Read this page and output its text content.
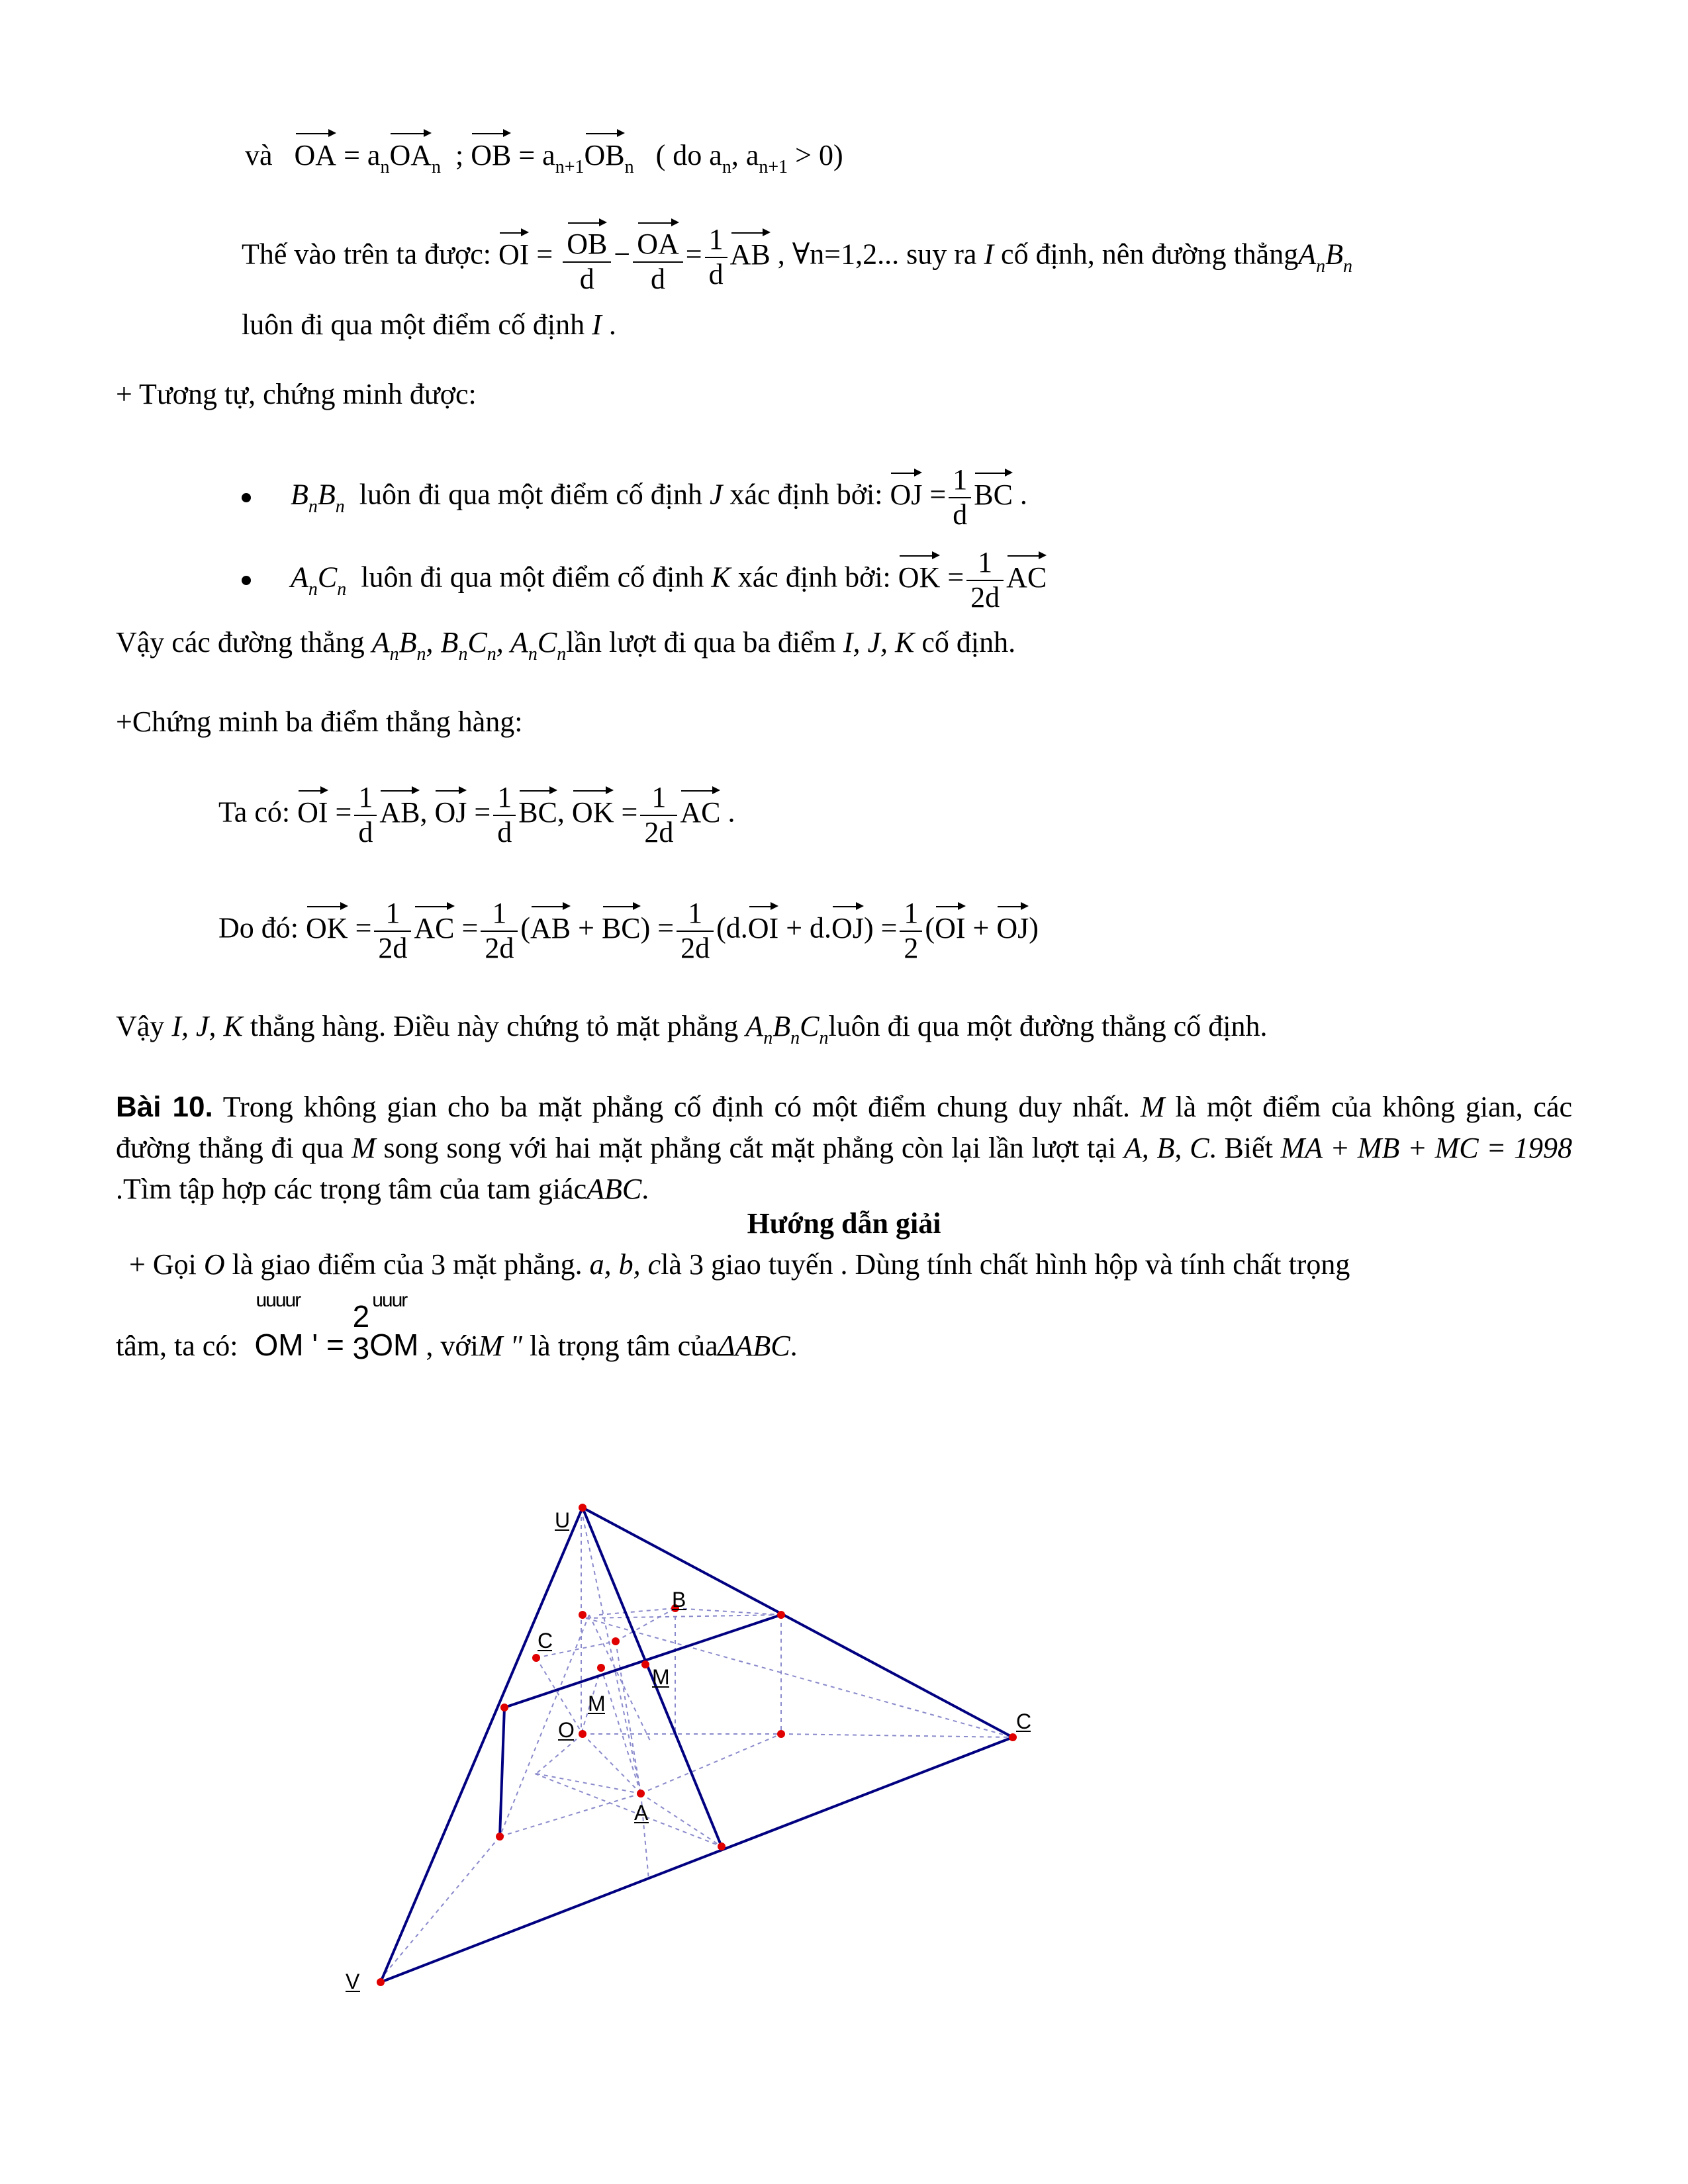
và OA = $a_nOA_n$ ; OB = $a_{n+1}OB_n$ ( do $a_n$, $a_{n+1} > 0$)
Thế vào trên ta được: OI = $\frac{OB}{d} - \frac{OA}{d} = \frac{1}{d}$ AB , ∀n=1,2... suy ra I cố định, nên đường $thẳngA_nB_n$
luôn đi qua một điểm cố định I .
+ Tương tự, chứng minh được:
$B_nB_n$ luôn đi qua một điểm cố định J xác định bởi: OJ = $\frac{1}{d}$ BC .
$A_nC_n$ luôn đi qua một điểm cố định K xác định bởi: OK = $\frac{1}{2d}$ AC
Vậy các đường thẳng $A_nB_n$, $B_nC_n$, $A_nC_nlần$ lượt đi qua ba điểm I, J, K cố định.
+Chứng minh ba điểm thẳng hàng:
Ta có: OI = $\frac{1}{d}$ AB, OJ = $\frac{1}{d}$ BC, OK = $\frac{1}{2d}$ AC .
Do đó: OK = $\frac{1}{2d}$ AC = $\frac{1}{2d} (AB + BC) = \frac{1}{2d} (d.OI + d.OJ) = \frac{1}{2} (OI + OJ)$
Vậy I, J, K thẳng hàng. Điều này chứng tỏ mặt phẳng $A_nB_nC_nluôn$ đi qua một đường thẳng cố định.
Bài 10. Trong không gian cho ba mặt phẳng cố định có một điểm chung duy nhất. M là một điểm của không gian, các đường thẳng đi qua M song song với hai mặt phẳng cắt mặt phẳng còn lại lần lượt tại A, B, C. Biết MA + MB + MC = 1998 .Tìm tập hợp các trọng tâm của tam giácABC.
Hướng dẫn giải
+ Gọi O là giao điểm của 3 mặt phẳng. a, b, clà 3 giao tuyến . Dùng tính chất hình hộp và tính chất trọng
tâm, ta có:
uuuur
OM ' =
2
3
uuur
OM , vớiM " là trọng tâm củaΔABC.
U
V
C
B
C
M
M
O
A
